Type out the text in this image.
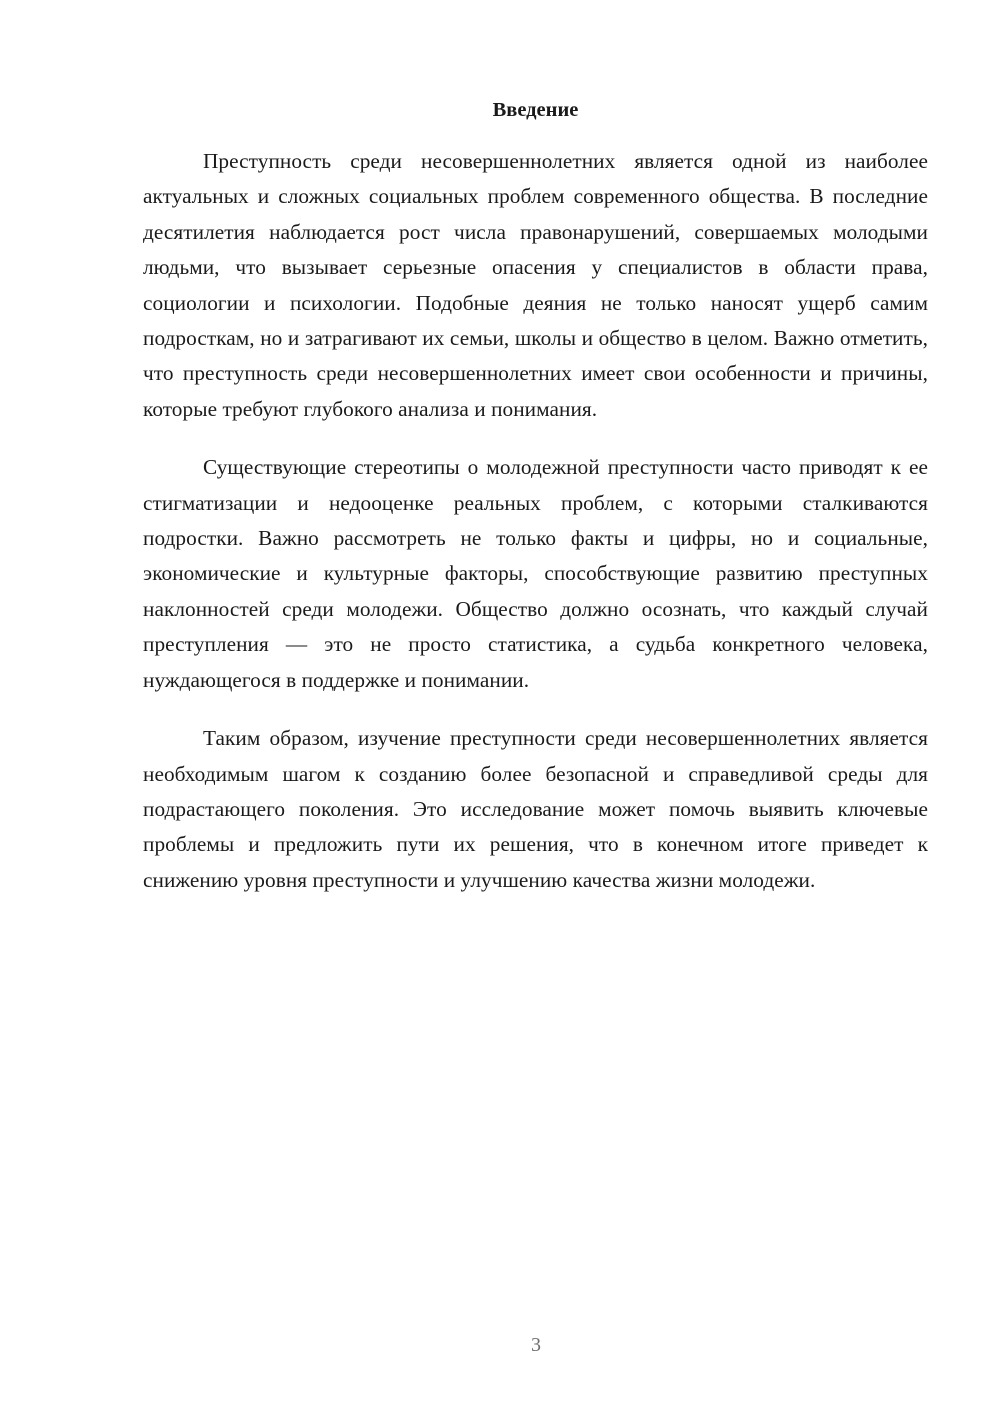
Введение

Преступность среди несовершеннолетних является одной из наиболее актуальных и сложных социальных проблем современного общества. В последние десятилетия наблюдается рост числа правонарушений, совершаемых молодыми людьми, что вызывает серьезные опасения у специалистов в области права, социологии и психологии. Подобные деяния не только наносят ущерб самим подросткам, но и затрагивают их семьи, школы и общество в целом. Важно отметить, что преступность среди несовершеннолетних имеет свои особенности и причины, которые требуют глубокого анализа и понимания.

Существующие стереотипы о молодежной преступности часто приводят к ее стигматизации и недооценке реальных проблем, с которыми сталкиваются подростки. Важно рассмотреть не только факты и цифры, но и социальные, экономические и культурные факторы, способствующие развитию преступных наклонностей среди молодежи. Общество должно осознать, что каждый случай преступления — это не просто статистика, а судьба конкретного человека, нуждающегося в поддержке и понимании.

Таким образом, изучение преступности среди несовершеннолетних является необходимым шагом к созданию более безопасной и справедливой среды для подрастающего поколения. Это исследование может помочь выявить ключевые проблемы и предложить пути их решения, что в конечном итоге приведет к снижению уровня преступности и улучшению качества жизни молодежи.

3
